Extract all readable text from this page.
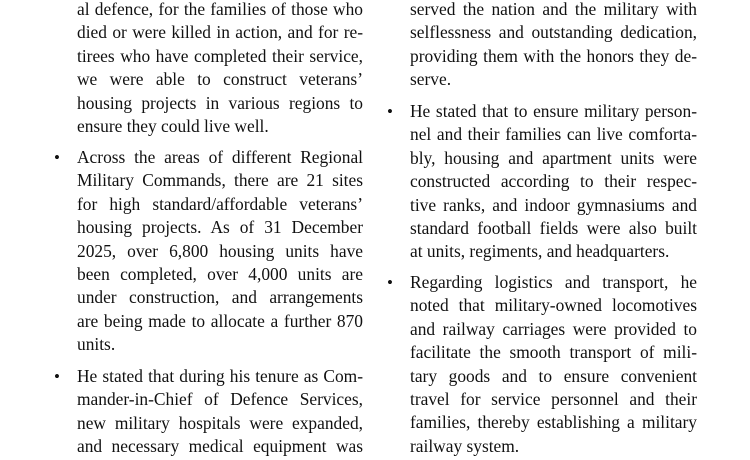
al defence, for the families of those who
died or were killed in action, and for re-
tirees who have completed their service,
we were able to construct veterans’
housing projects in various regions to
ensure they could live well.
• Across the areas of different Regional
Military Commands, there are 21 sites
for high standard/affordable veterans’
housing projects. As of 31 December
2025, over 6,800 housing units have
been completed, over 4,000 units are
under construction, and arrangements
are being made to allocate a further 870
units.
• He stated that during his tenure as Com-
mander-in-Chief of Defence Services,
new military hospitals were expanded,
and necessary medical equipment was
served the nation and the military with
selflessness and outstanding dedication,
providing them with the honors they de-
serve.
• He stated that to ensure military person-
nel and their families can live comforta-
bly, housing and apartment units were
constructed according to their respec-
tive ranks, and indoor gymnasiums and
standard football fields were also built
at units, regiments, and headquarters.
• Regarding logistics and transport, he
noted that military-owned locomotives
and railway carriages were provided to
facilitate the smooth transport of mili-
tary goods and to ensure convenient
travel for service personnel and their
families, thereby establishing a military
railway system.
